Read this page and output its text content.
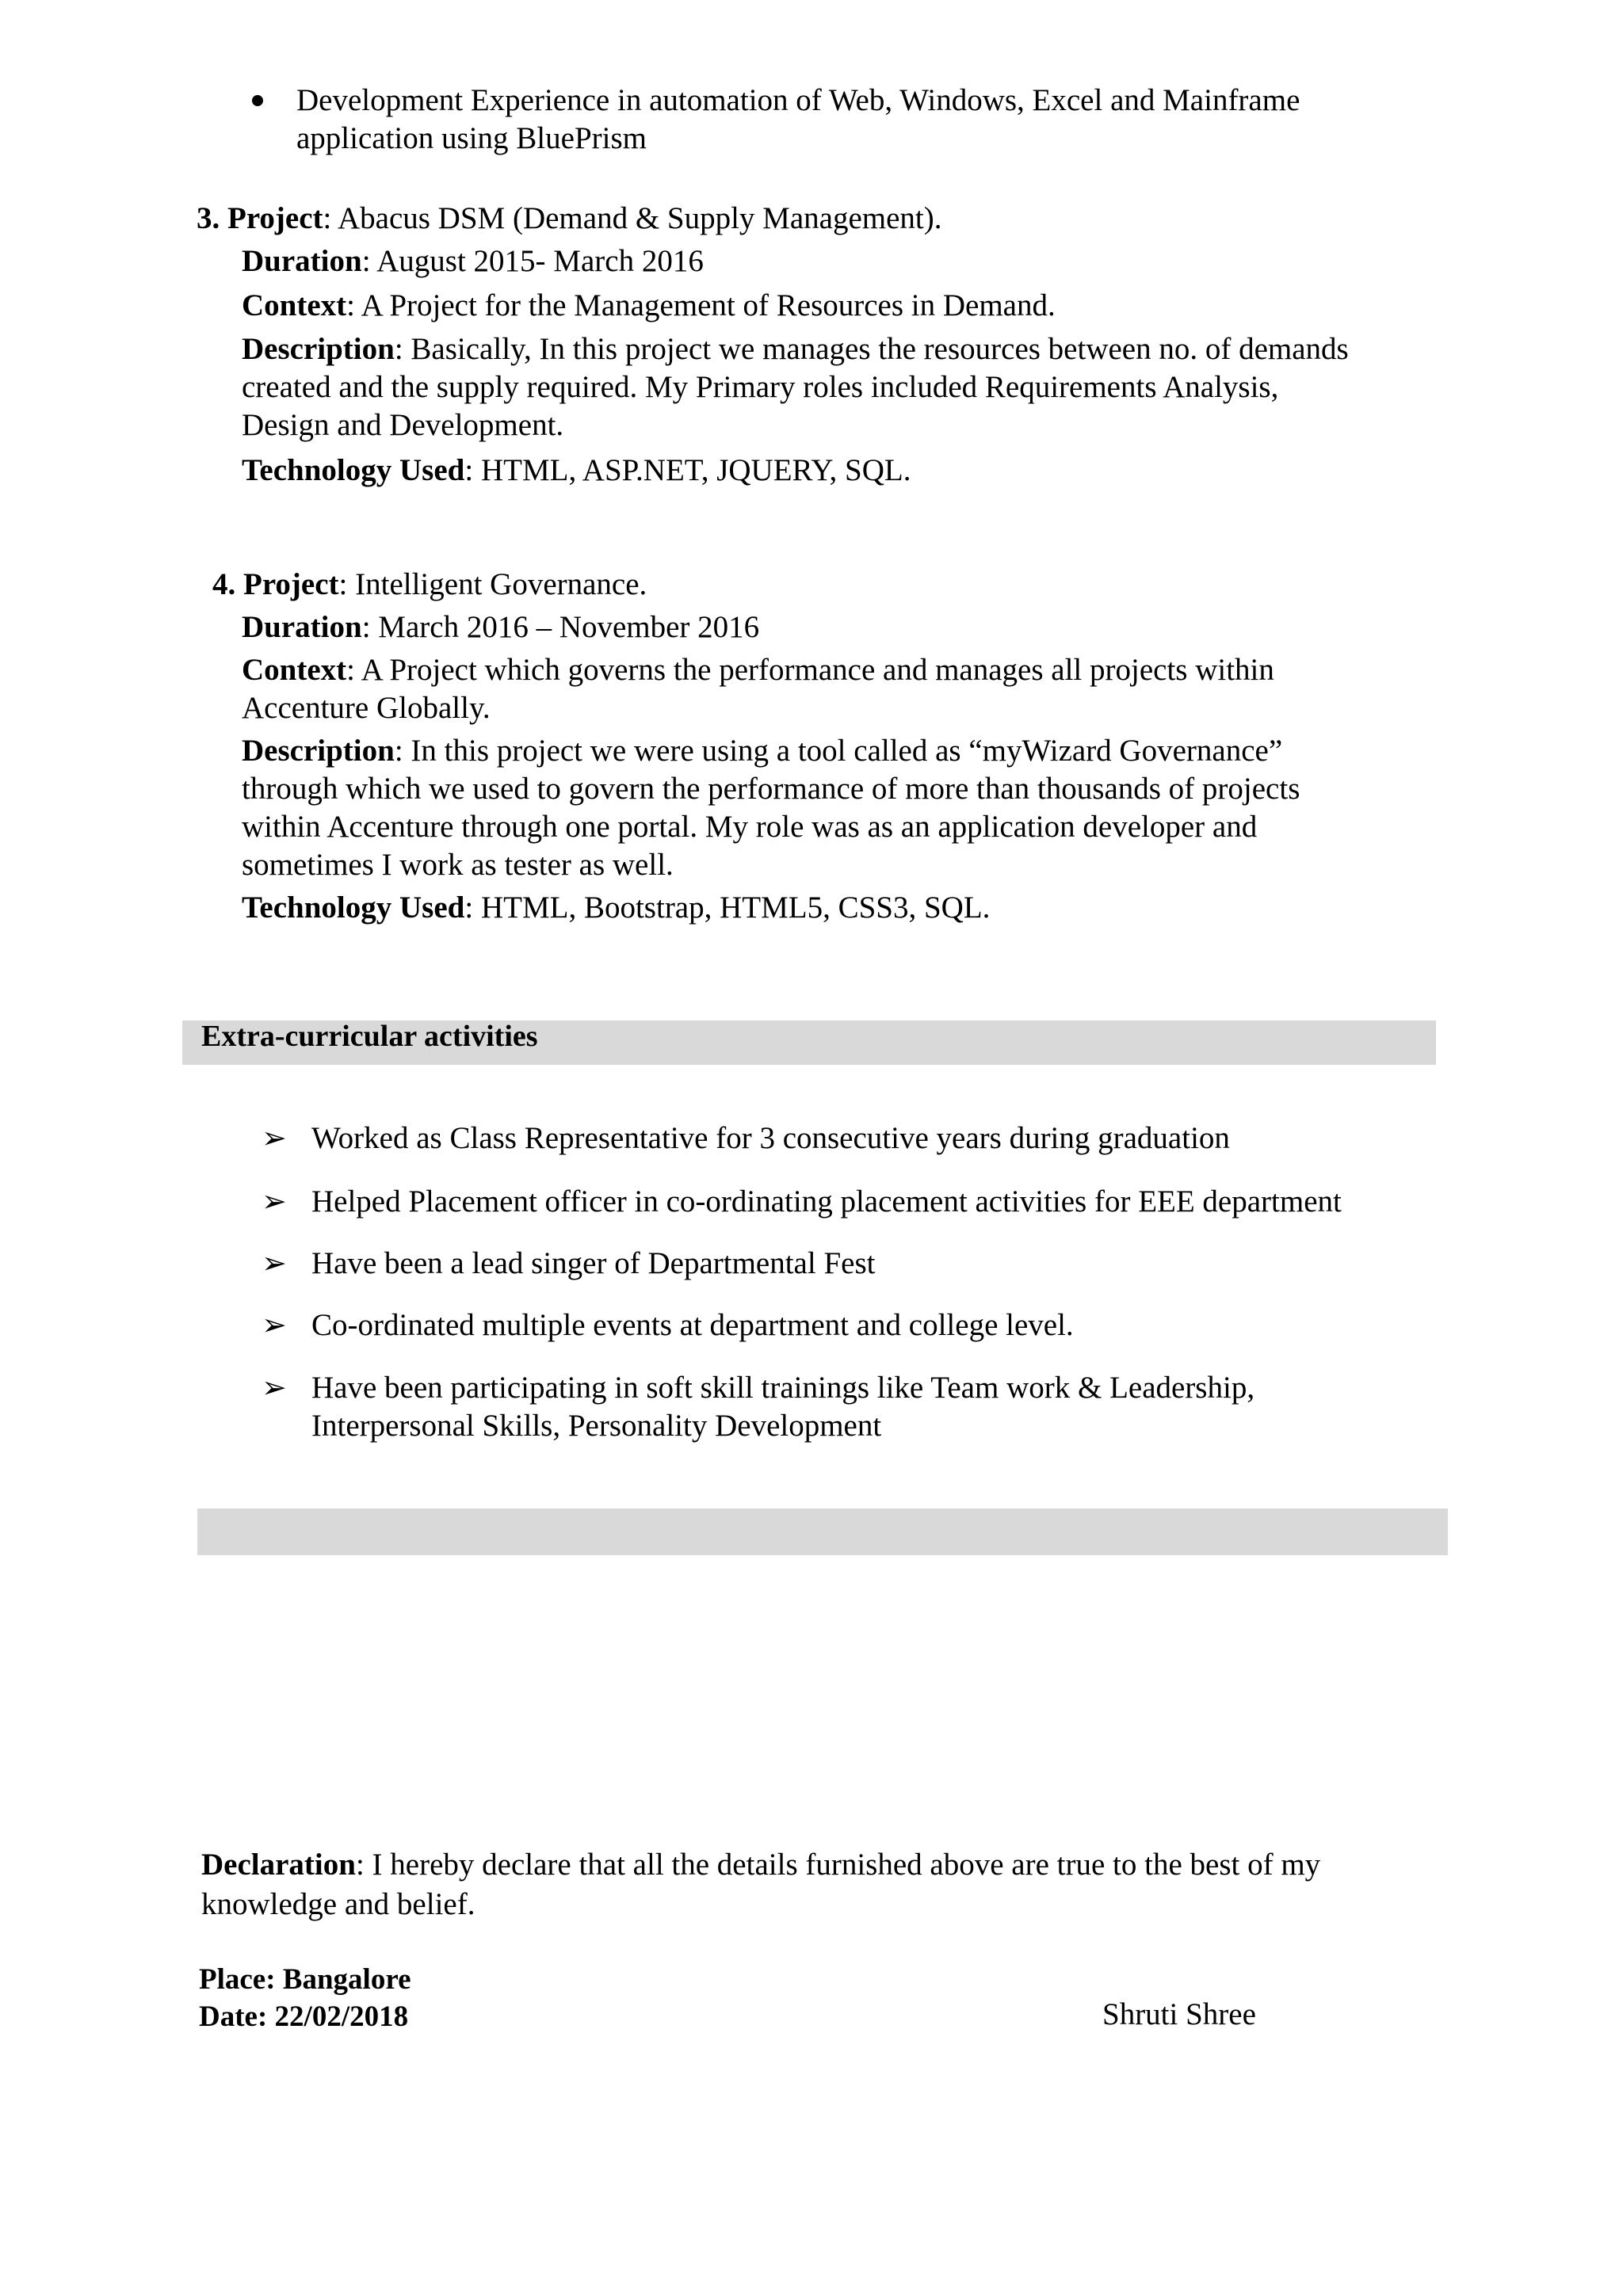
Development Experience in automation of Web, Windows, Excel and Mainframe
application using BluePrism
3. Project: Abacus DSM (Demand & Supply Management).
Duration: August 2015- March 2016
Context: A Project for the Management of Resources in Demand.
Description: Basically, In this project we manages the resources between no. of demands
created and the supply required. My Primary roles included Requirements Analysis,
Design and Development.
Technology Used: HTML, ASP.NET, JQUERY, SQL.
4. Project: Intelligent Governance.
Duration: March 2016 – November 2016
Context: A Project which governs the performance and manages all projects within
Accenture Globally.
Description: In this project we were using a tool called as “myWizard Governance”
through which we used to govern the performance of more than thousands of projects
within Accenture through one portal. My role was as an application developer and
sometimes I work as tester as well.
Technology Used: HTML, Bootstrap, HTML5, CSS3, SQL.
Extra-curricular activities
➢ Worked as Class Representative for 3 consecutive years during graduation
➢ Helped Placement officer in co-ordinating placement activities for EEE department
➢ Have been a lead singer of Departmental Fest
➢ Co-ordinated multiple events at department and college level.
➢ Have been participating in soft skill trainings like Team work & Leadership,
Interpersonal Skills, Personality Development
Declaration: I hereby declare that all the details furnished above are true to the best of my
knowledge and belief.
Place: Bangalore
Date: 22/02/2018	Shruti Shree
